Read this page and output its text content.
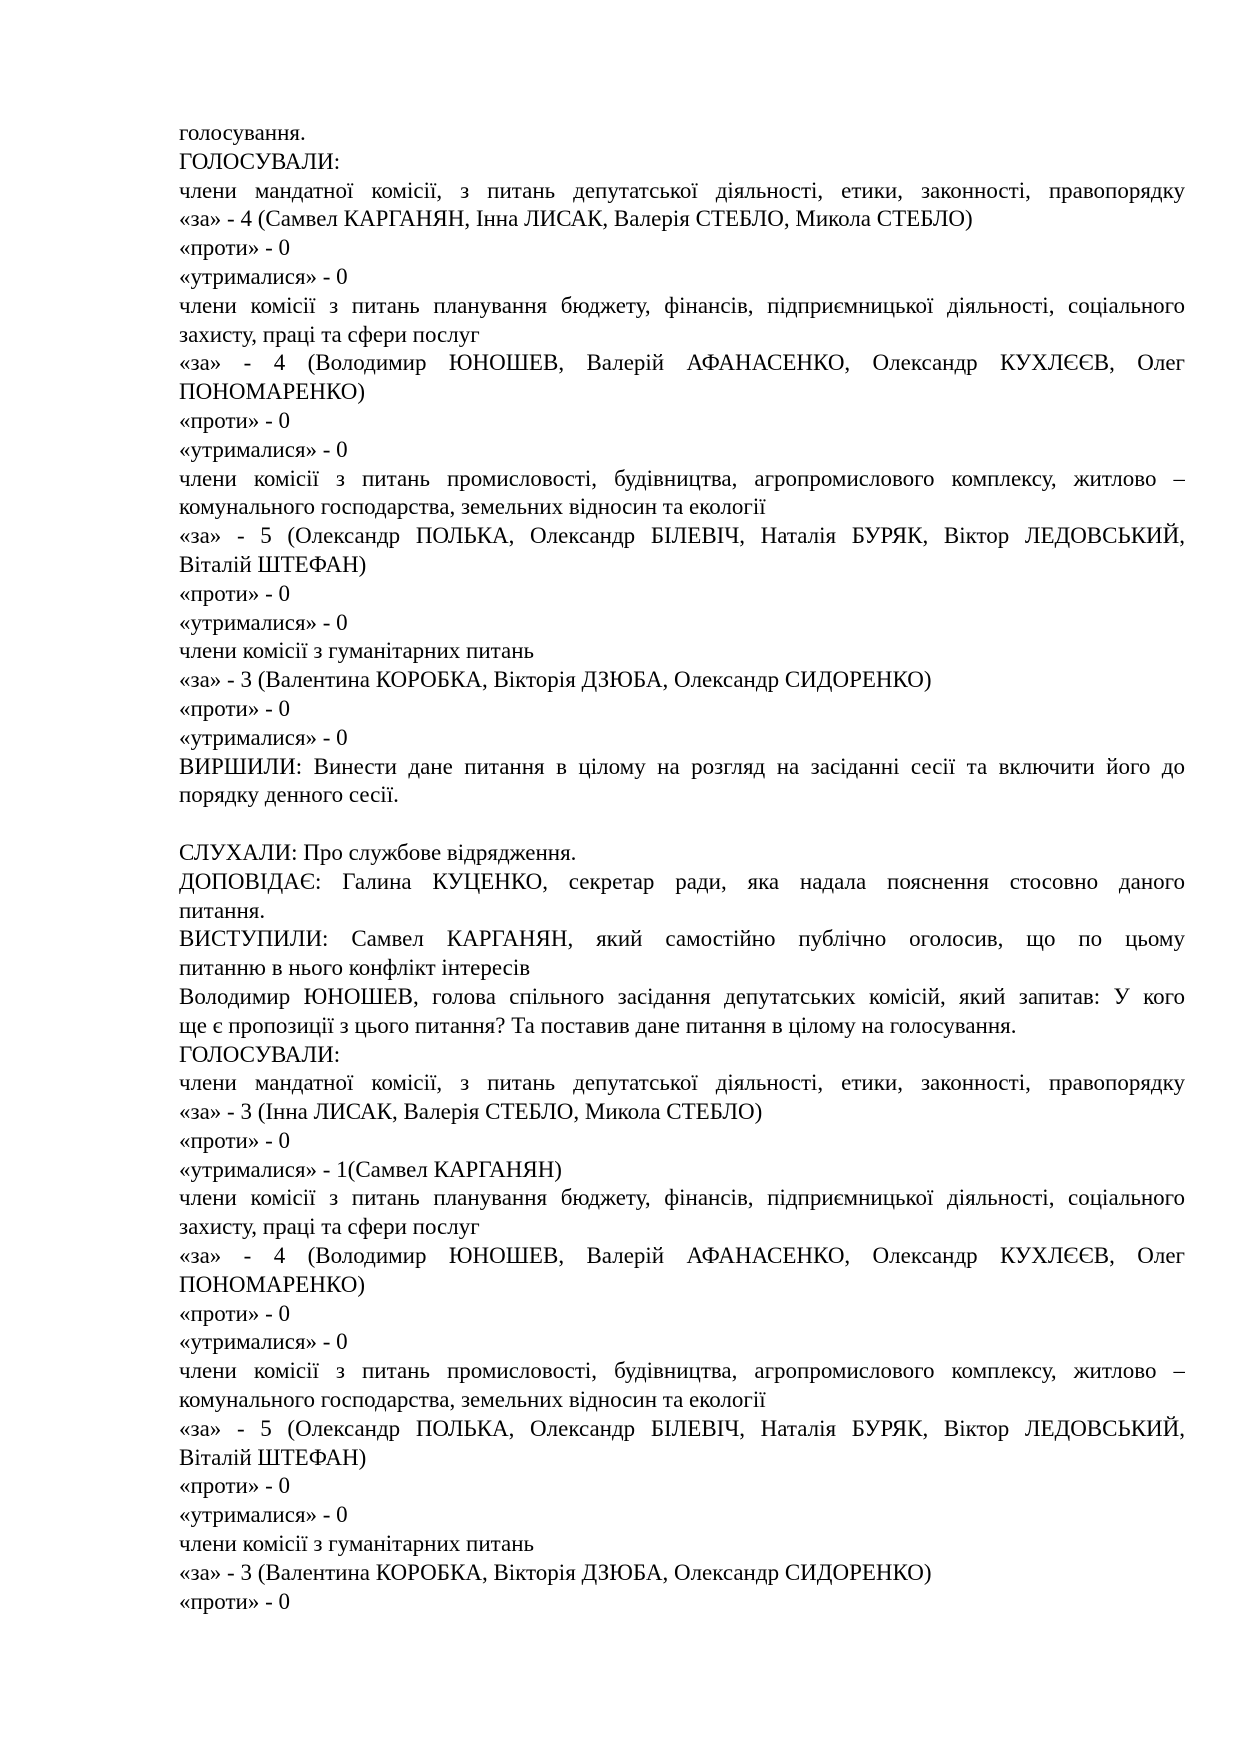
голосування.
ГОЛОСУВАЛИ:
члени мандатної комісії, з питань депутатської діяльності, етики, законності, правопорядку
«за» - 4 (Самвел КАРГАНЯН, Інна ЛИСАК, Валерія СТЕБЛО, Микола СТЕБЛО)
«проти» - 0
«утрималися» - 0
члени комісії з питань планування бюджету, фінансів, підприємницької діяльності, соціального
захисту, праці та сфери послуг
«за» - 4 (Володимир ЮНОШЕВ, Валерій АФАНАСЕНКО, Олександр КУХЛЄЄВ, Олег
ПОНОМАРЕНКО)
«проти» - 0
«утрималися» - 0
члени комісії з питань промисловості, будівництва, агропромислового комплексу, житлово –
комунального господарства, земельних відносин та екології
«за» - 5 (Олександр ПОЛЬКА, Олександр БІЛЕВІЧ, Наталія БУРЯК, Віктор ЛЕДОВСЬКИЙ,
Віталій ШТЕФАН)
«проти» - 0
«утрималися» - 0
члени комісії з гуманітарних питань
«за» - 3 (Валентина КОРОБКА, Вікторія ДЗЮБА, Олександр СИДОРЕНКО)
«проти» - 0
«утрималися» - 0
ВИРШИЛИ: Винести дане питання в цілому на розгляд на засіданні сесії та включити його до
порядку денного сесії.
СЛУХАЛИ: Про службове відрядження.
ДОПОВІДАЄ: Галина КУЦЕНКО, секретар ради, яка надала пояснення стосовно даного
питання.
ВИСТУПИЛИ: Самвел КАРГАНЯН, який самостійно публічно оголосив, що по цьому
питанню в нього конфлікт інтересів
Володимир ЮНОШЕВ, голова спільного засідання депутатських комісій, який запитав: У кого
ще є пропозиції з цього питання? Та поставив дане питання в цілому на голосування.
ГОЛОСУВАЛИ:
члени мандатної комісії, з питань депутатської діяльності, етики, законності, правопорядку
«за» - 3 (Інна ЛИСАК, Валерія СТЕБЛО, Микола СТЕБЛО)
«проти» - 0
«утрималися» - 1(Самвел КАРГАНЯН)
члени комісії з питань планування бюджету, фінансів, підприємницької діяльності, соціального
захисту, праці та сфери послуг
«за» - 4 (Володимир ЮНОШЕВ, Валерій АФАНАСЕНКО, Олександр КУХЛЄЄВ, Олег
ПОНОМАРЕНКО)
«проти» - 0
«утрималися» - 0
члени комісії з питань промисловості, будівництва, агропромислового комплексу, житлово –
комунального господарства, земельних відносин та екології
«за» - 5 (Олександр ПОЛЬКА, Олександр БІЛЕВІЧ, Наталія БУРЯК, Віктор ЛЕДОВСЬКИЙ,
Віталій ШТЕФАН)
«проти» - 0
«утрималися» - 0
члени комісії з гуманітарних питань
«за» - 3 (Валентина КОРОБКА, Вікторія ДЗЮБА, Олександр СИДОРЕНКО)
«проти» - 0
